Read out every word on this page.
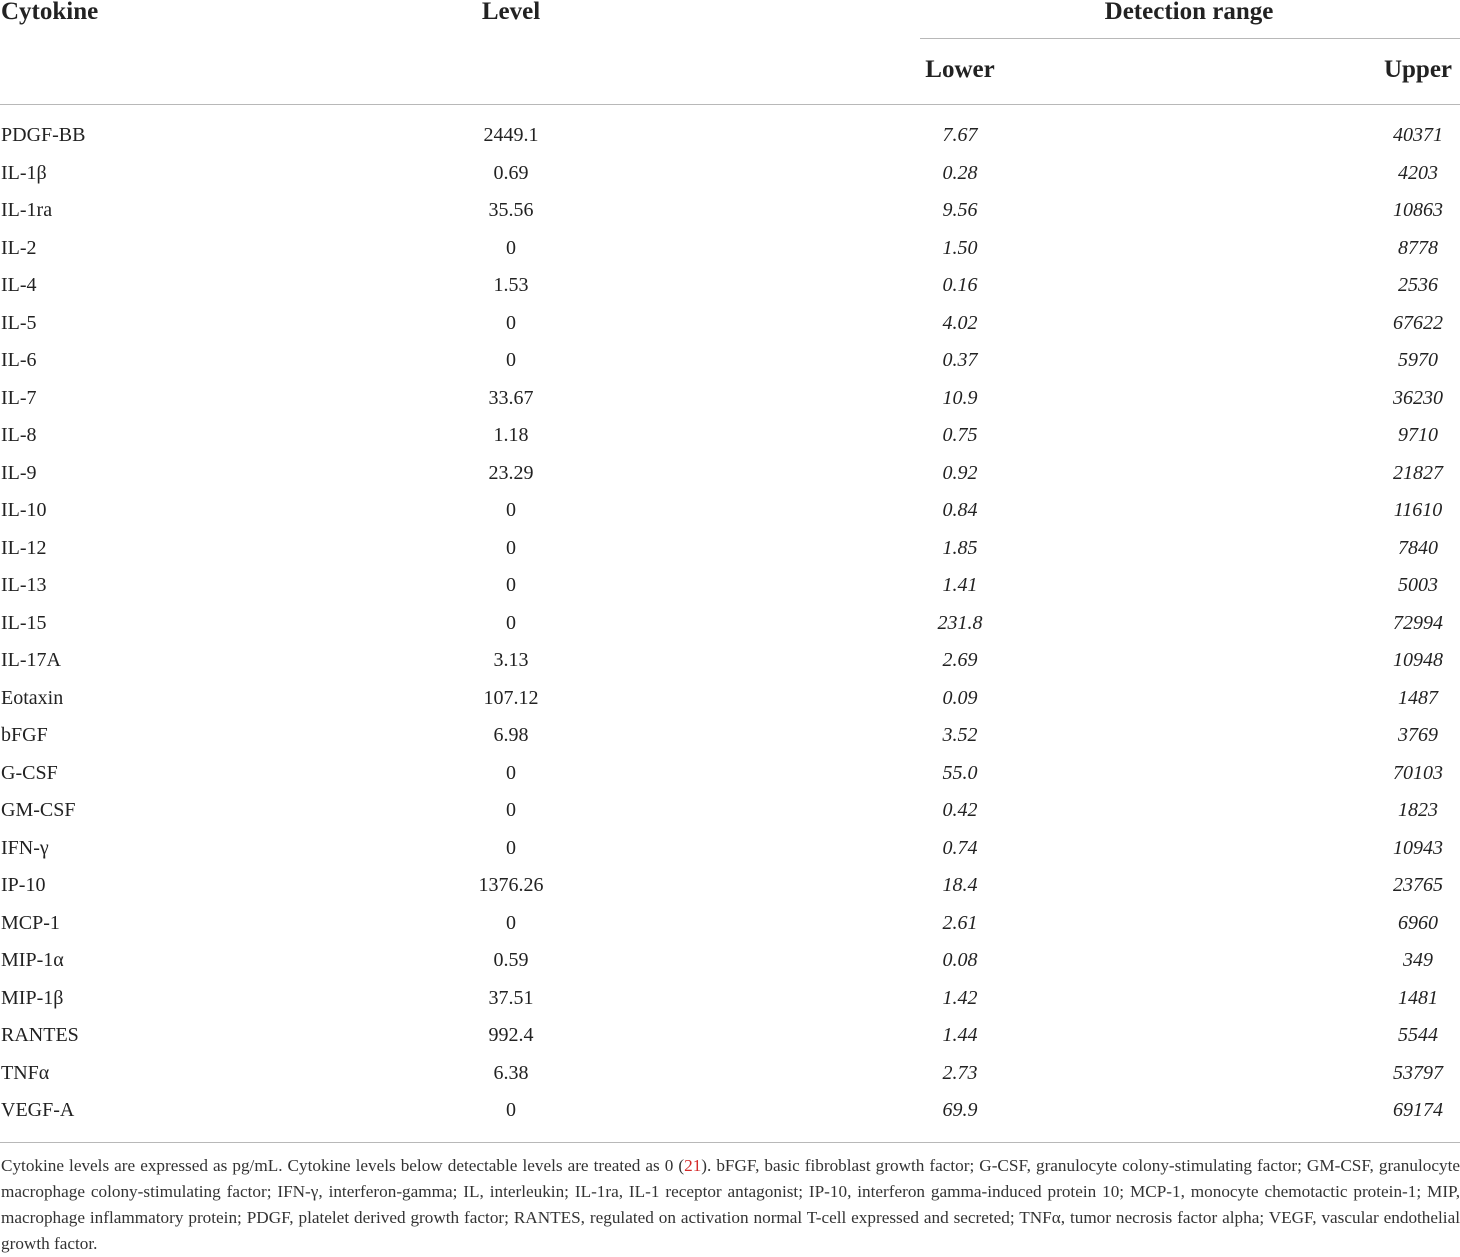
Cytokine	Level	Detection range
Lower	Upper
PDGF-BB	2449.1	7.67	40371
IL-1β	0.69	0.28	4203
IL-1ra	35.56	9.56	10863
IL-2	0	1.50	8778
IL-4	1.53	0.16	2536
IL-5	0	4.02	67622
IL-6	0	0.37	5970
IL-7	33.67	10.9	36230
IL-8	1.18	0.75	9710
IL-9	23.29	0.92	21827
IL-10	0	0.84	11610
IL-12	0	1.85	7840
IL-13	0	1.41	5003
IL-15	0	231.8	72994
IL-17A	3.13	2.69	10948
Eotaxin	107.12	0.09	1487
bFGF	6.98	3.52	3769
G-CSF	0	55.0	70103
GM-CSF	0	0.42	1823
IFN-γ	0	0.74	10943
IP-10	1376.26	18.4	23765
MCP-1	0	2.61	6960
MIP-1α	0.59	0.08	349
MIP-1β	37.51	1.42	1481
RANTES	992.4	1.44	5544
TNFα	6.38	2.73	53797
VEGF-A	0	69.9	69174
Cytokine levels are expressed as pg/mL. Cytokine levels below detectable levels are treated as 0 (21). bFGF, basic fibroblast growth factor; G-CSF, granulocyte colony-stimulating factor; GM-CSF, granulocyte macrophage colony-stimulating factor; IFN-γ, interferon-gamma; IL, interleukin; IL-1ra, IL-1 receptor antagonist; IP-10, interferon gamma-induced protein 10; MCP-1, monocyte chemotactic protein-1; MIP, macrophage inflammatory protein; PDGF, platelet derived growth factor; RANTES, regulated on activation normal T-cell expressed and secreted; TNFα, tumor necrosis factor alpha; VEGF, vascular endothelial growth factor.
